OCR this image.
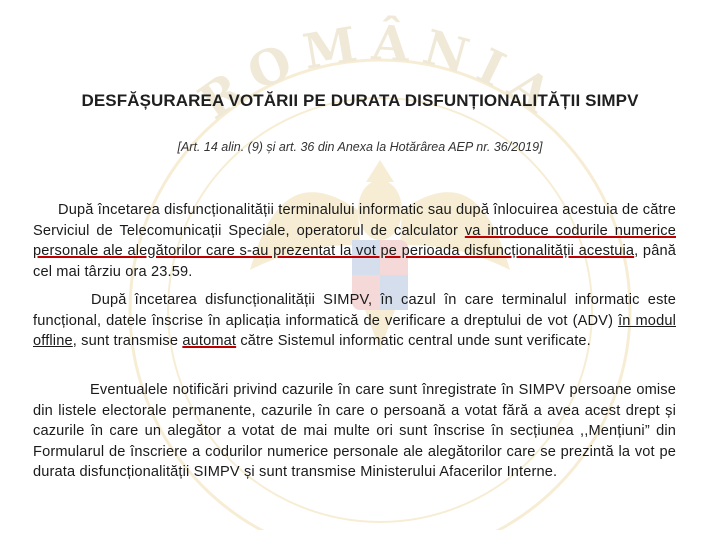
ROMÂNIA
DESFĂȘURAREA VOTĂRII PE DURATA DISFUNȚIONALITĂȚII SIMPV
[Art. 14 alin. (9) și art. 36 din Anexa la Hotărârea AEP nr. 36/2019]
După încetarea disfuncționalității terminalului informatic sau după înlocuirea acestuia de către Serviciul de Telecomunicații Speciale, operatorul de calculator va introduce codurile numerice personale ale alegătorilor care s-au prezentat la vot pe perioada disfuncționalității acestuia, până cel mai târziu ora 23.59.
După încetarea disfuncționalității SIMPV, în cazul în care terminalul informatic este funcțional, datele înscrise în aplicația informatică de verificare a dreptului de vot (ADV) în modul offline, sunt transmise automat către Sistemul informatic central unde sunt verificate.
Eventualele notificări privind cazurile în care sunt înregistrate în SIMPV persoane omise din listele electorale permanente, cazurile în care o persoană a votat fără a avea acest drept și cazurile în care un alegător a votat de mai multe ori sunt înscrise în secțiunea ,,Mențiuni” din Formularul de înscriere a codurilor numerice personale ale alegătorilor care se prezintă la vot pe durata disfuncționalității SIMPV și sunt transmise Ministerului Afacerilor Interne.
